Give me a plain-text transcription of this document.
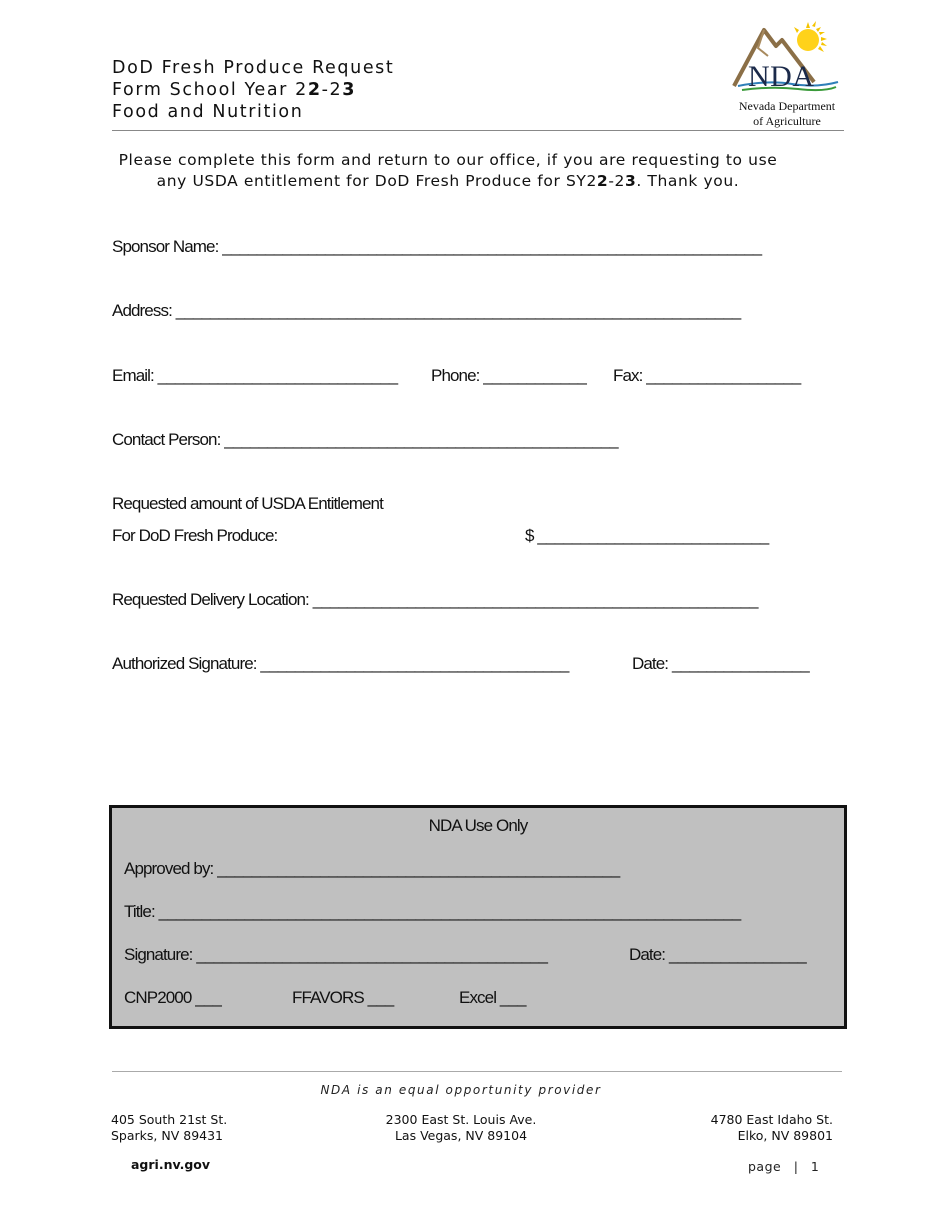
DoD Fresh Produce Request
Form School Year 22-23
Food and Nutrition
NDA
Nevada Department
of Agriculture
Please complete this form and return to our office, if you are requesting to use any USDA entitlement for DoD Fresh Produce for SY22-23. Thank you.
Sponsor Name: _______________________________________________________________
Address: __________________________________________________________________
Email: ____________________________ Phone: ____________ Fax: __________________
Contact Person: ______________________________________________
Requested amount of USDA Entitlement
For DoD Fresh Produce:	$ ___________________________
Requested Delivery Location: ____________________________________________________
Authorized Signature: ____________________________________	Date: ________________
NDA Use Only
Approved by: _______________________________________________
Title: ____________________________________________________________________
Signature: _________________________________________	Date: ________________
CNP2000 ___	FFAVORS ___	Excel ___
NDA is an equal opportunity provider
405 South 21st St.
Sparks, NV 89431
2300 East St. Louis Ave.
Las Vegas, NV 89104
4780 East Idaho St.
Elko, NV 89801
agri.nv.gov	page | 1
